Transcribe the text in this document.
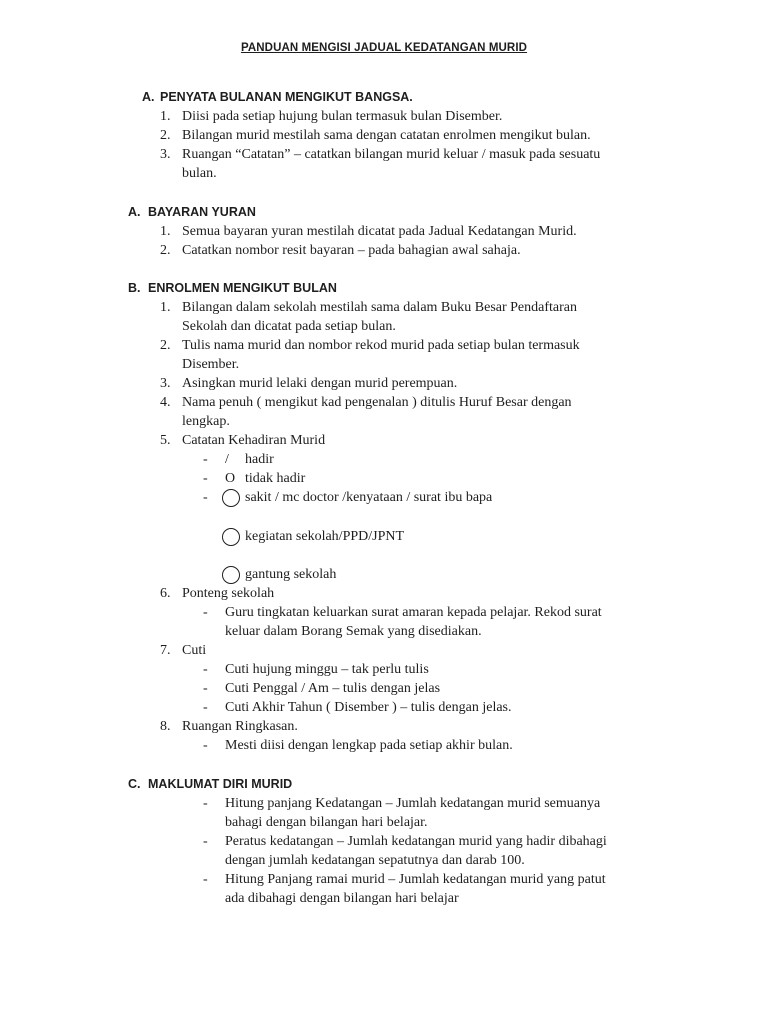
PANDUAN MENGISI JADUAL KEDATANGAN MURID
A. PENYATA BULANAN MENGIKUT BANGSA.
A. BAYARAN YURAN
B. ENROLMEN MENGIKUT BULAN
C. MAKLUMAT DIRI MURID
1. Diisi pada setiap hujung bulan termasuk bulan Disember.
2. Bilangan murid mestilah sama dengan catatan enrolmen mengikut bulan.
3. Ruangan “Catatan” – catatkan bilangan murid keluar / masuk pada sesuatu
bulan.
1. Semua bayaran yuran mestilah dicatat pada Jadual Kedatangan Murid.
2. Catatkan nombor resit bayaran – pada bahagian awal sahaja.
1. Bilangan dalam sekolah mestilah sama dalam Buku Besar Pendaftaran
Sekolah dan dicatat pada setiap bulan.
2. Tulis nama murid dan nombor rekod murid pada setiap bulan termasuk
Disember.
3. Asingkan murid lelaki dengan murid perempuan.
4. Nama penuh ( mengikut kad pengenalan ) ditulis Huruf Besar dengan
lengkap.
5. Catatan Kehadiran Murid
- / hadir
- O tidak hadir
-	sakit / mc doctor /kenyataan / surat ibu bapa
kegiatan sekolah/PPD/JPNT
gantung sekolah
6. Ponteng sekolah
- Guru tingkatan keluarkan surat amaran kepada pelajar. Rekod surat
keluar dalam Borang Semak yang disediakan.
7. Cuti
- Cuti hujung minggu – tak perlu tulis
- Cuti Penggal / Am – tulis dengan jelas
- Cuti Akhir Tahun ( Disember ) – tulis dengan jelas.
8. Ruangan Ringkasan.
- Mesti diisi dengan lengkap pada setiap akhir bulan.
- Hitung panjang Kedatangan – Jumlah kedatangan murid semuanya
bahagi dengan bilangan hari belajar.
- Peratus kedatangan – Jumlah kedatangan murid yang hadir dibahagi
dengan jumlah kedatangan sepatutnya dan darab 100.
- Hitung Panjang ramai murid – Jumlah kedatangan murid yang patut
ada dibahagi dengan bilangan hari belajar
